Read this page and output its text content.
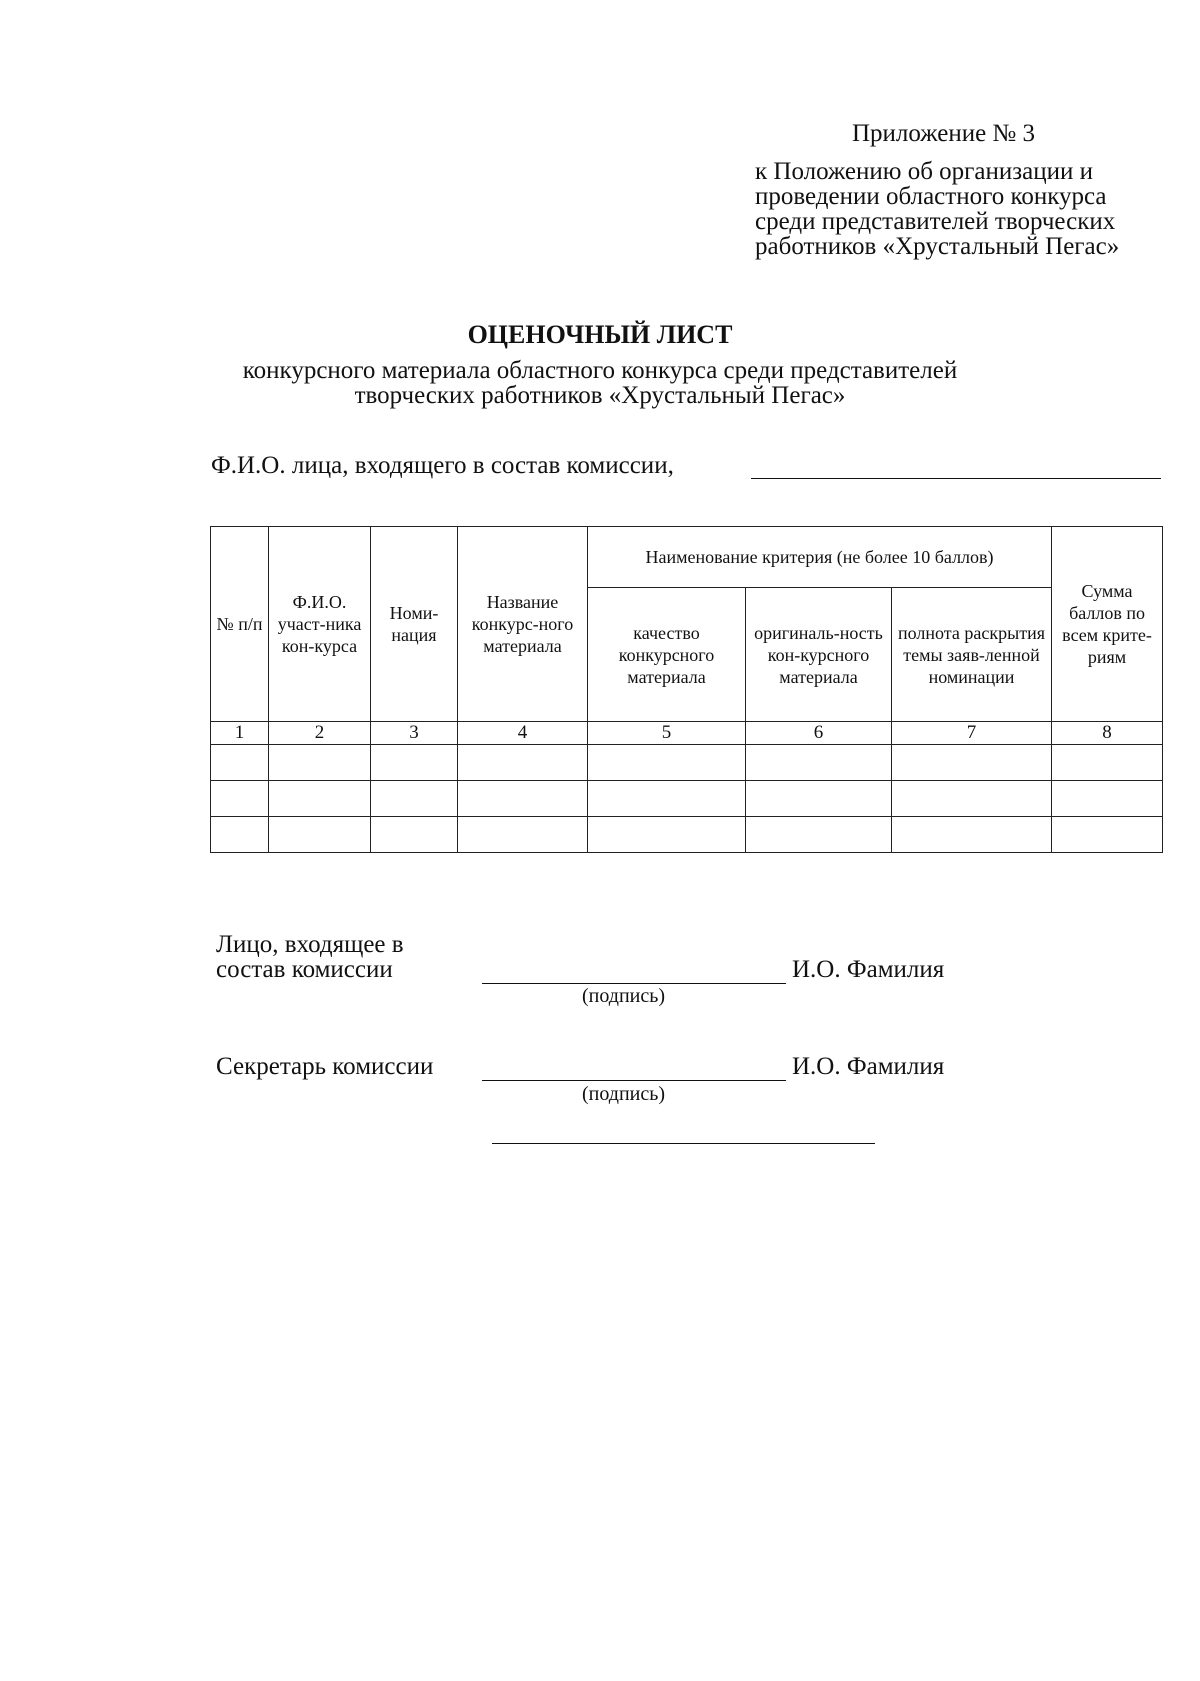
Приложение № 3
к Положению об организации и
проведении областного конкурса
среди представителей творческих
работников «Хрустальный Пегас»
ОЦЕНОЧНЫЙ ЛИСТ
конкурсного материала областного конкурса среди представителей
творческих работников «Хрустальный Пегас»
Ф.И.О. лица, входящего в состав комиссии,
№ п/п	Ф.И.О. участ-ника кон-курса	Номи-нация	Название конкурс-ного материала	Наименование критерия (не более 10 баллов)			Сумма баллов по всем крите-риям
				качество конкурсного материала	оригиналь-ность кон-курсного материала	полнота раскрытия темы заяв-ленной номинации	
1	2	3	4	5	6	7	8

Лицо, входящее в
состав комиссии	И.О. Фамилия
(подпись)
Секретарь комиссии	И.О. Фамилия
(подпись)
